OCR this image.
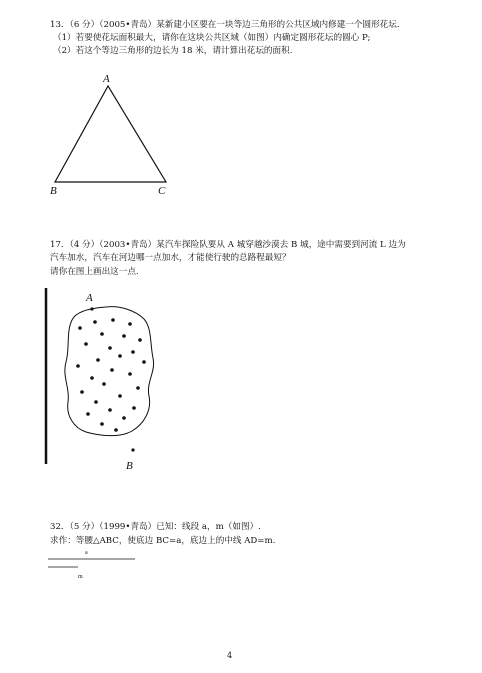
13．（6 分）（2005•青岛）某新建小区要在一块等边三角形的公共区域内修建一个圆形花坛.
（1）若要使花坛面积最大，请你在这块公共区域（如图）内确定圆形花坛的圆心 P;
（2）若这个等边三角形的边长为 18 米，请计算出花坛的面积.
A
B	C
17．（4 分）（2003•青岛）某汽车探险队要从 A 城穿越沙漠去 B 城，途中需要到河流 L 边为
汽车加水，汽车在河边哪一点加水，才能使行驶的总路程最短？
请你在图上画出这一点.
A
B
32．（5 分）（1999•青岛）已知：线段 a，m（如图）.
求作：等腰△ABC，使底边 BC=a，底边上的中线 AD=m.
a
m
4
